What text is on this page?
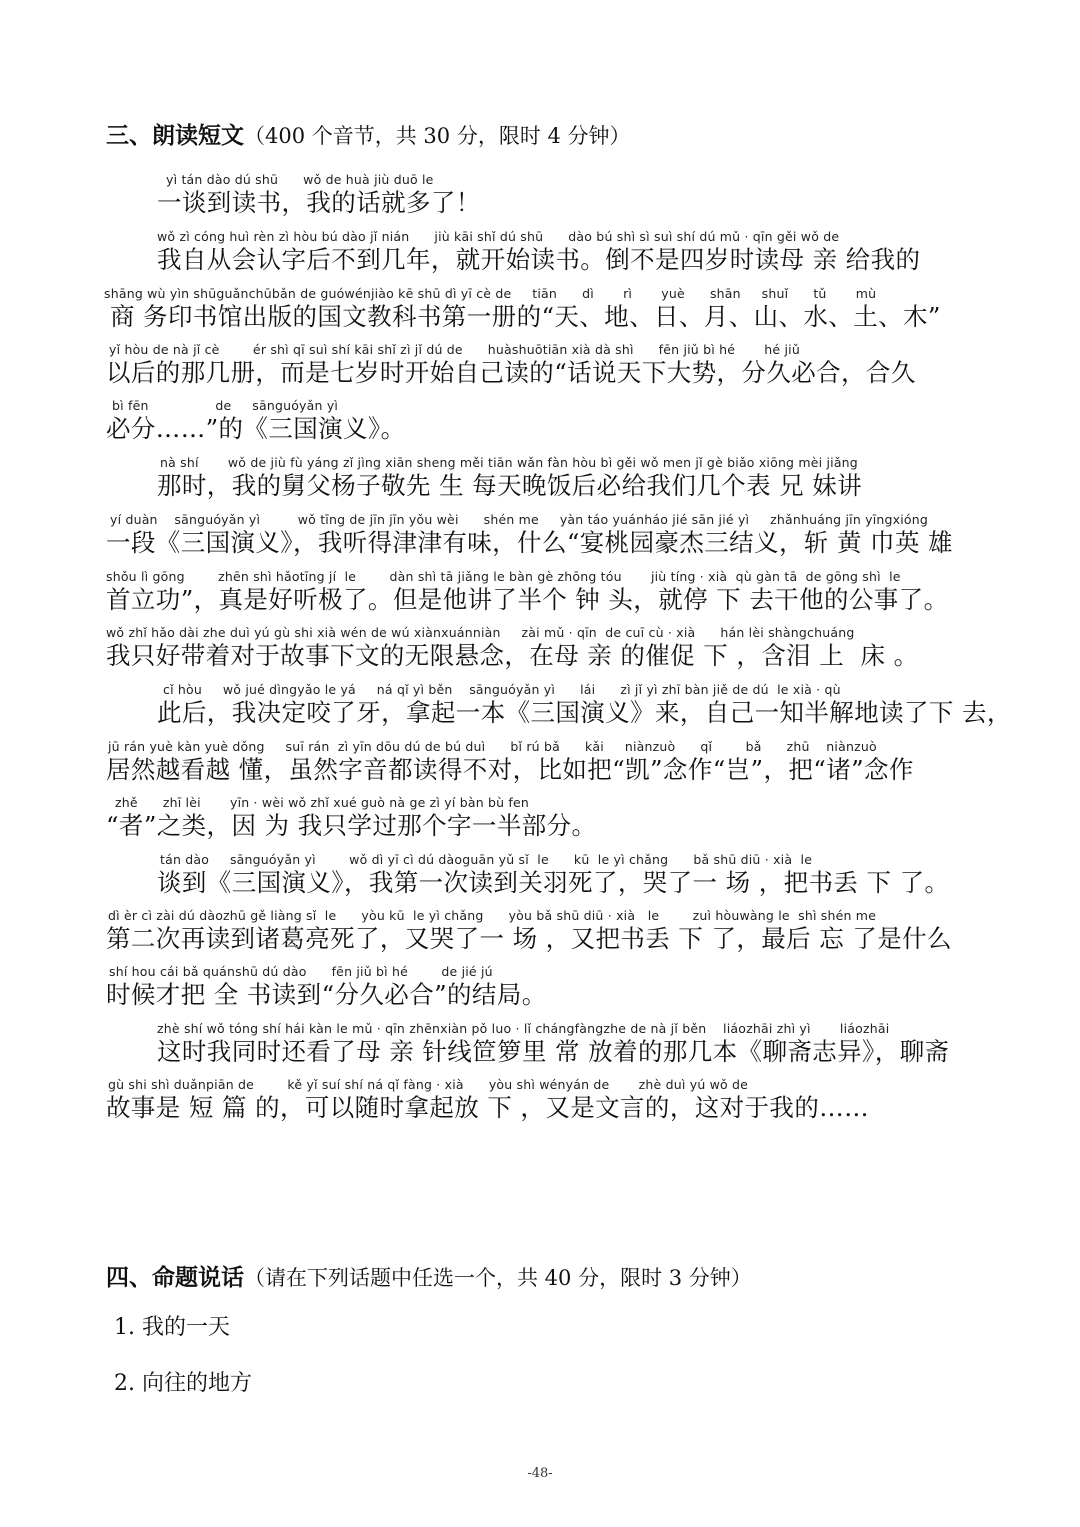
三、朗读短文（400 个音节，共 30 分，限时 4 分钟）
yì tán dào dú shū      wǒ de huà jiù duō le
一谈到读书，我的话就多了！
wǒ zì cóng huì rèn zì hòu bú dào jǐ nián      jiù kāi shǐ dú shū      dào bú shì sì suì shí dú mǔ · qīn gěi wǒ de
我自从会认字后不到几年，就开始读书。倒不是四岁时读母 亲 给我的
shāng wù yìn shūguǎnchūbǎn de guówénjiào kē shū dì yī cè de     tiān      dì       rì       yuè      shān     shuǐ      tǔ       mù
商 务印书馆出版的国文教科书第一册的“天、地、日、月、山、水、土、木”
yǐ hòu de nà jǐ cè        ér shì qī suì shí kāi shǐ zì jǐ dú de      huàshuōtiān xià dà shì      fēn jiǔ bì hé       hé jiǔ
以后的那几册，而是七岁时开始自己读的“话说天下大势，分久必合，合久
bì fēn                de     sānguóyǎn yì
必分……”的《三国演义》。
nà shí       wǒ de jiù fù yáng zǐ jìng xiān sheng měi tiān wǎn fàn hòu bì gěi wǒ men jǐ gè biǎo xiōng mèi jiǎng
那时，我的舅父杨子敬先 生 每天晚饭后必给我们几个表 兄 妹讲
yí duàn    sānguóyǎn yì         wǒ tīng de jīn jīn yǒu wèi      shén me     yàn táo yuánháo jié sān jié yì     zhǎnhuáng jīn yīngxióng
一段《三国演义》，我听得津津有味，什么“宴桃园豪杰三结义，斩 黄 巾英 雄
shǒu lì gōng        zhēn shì hǎotīng jí  le        dàn shì tā jiǎng le bàn gè zhōng tóu       jiù tíng · xià  qù gàn tā  de gōng shì  le
首立功”，真是好听极了。但是他讲了半个 钟 头，就停 下 去干他的公事了。
wǒ zhǐ hǎo dài zhe duì yú gù shi xià wén de wú xiànxuánniàn     zài mǔ · qīn  de cuī cù · xià      hán lèi shàngchuáng
我只好带着对于故事下文的无限悬念，在母 亲 的催促 下 ，含泪 上  床 。
cǐ hòu     wǒ jué dìngyǎo le yá     ná qǐ yì běn    sānguóyǎn yì      lái      zì jǐ yì zhī bàn jiě de dú  le xià · qù
此后，我决定咬了牙，拿起一本《三国演义》来，自己一知半解地读了下 去，
jū rán yuè kàn yuè dǒng     suī rán  zì yīn dōu dú de bú duì      bǐ rú bǎ      kǎi     niànzuò      qǐ        bǎ      zhū    niànzuò
居然越看越 懂，虽然字音都读得不对，比如把“凯”念作“岂”，把“诸”念作
zhě      zhī lèi       yīn · wèi wǒ zhǐ xué guò nà ge zì yí bàn bù fen
“者”之类，因 为 我只学过那个字一半部分。
tán dào     sānguóyǎn yì        wǒ dì yī cì dú dàoguān yǔ sǐ  le      kū  le yì chǎng      bǎ shū diū · xià  le
谈到《三国演义》，我第一次读到关羽死了，哭了一 场 ，把书丢 下 了。
dì èr cì zài dú dàozhū gě liàng sǐ  le      yòu kū  le yì chǎng      yòu bǎ shū diū · xià   le        zuì hòuwàng le  shì shén me
第二次再读到诸葛亮死了，又哭了一 场 ，又把书丢 下 了，最后 忘 了是什么
shí hou cái bǎ quánshū dú dào      fēn jiǔ bì hé        de jié jú
时候才把 全 书读到“分久必合”的结局。
zhè shí wǒ tóng shí hái kàn le mǔ · qīn zhēnxiàn pǒ luo · lǐ chángfàngzhe de nà jǐ běn    liáozhāi zhì yì       liáozhāi
这时我同时还看了母 亲 针线笸箩里 常 放着的那几本《聊斋志异》，聊斋
gù shi shì duǎnpiān de        kě yǐ suí shí ná qǐ fàng · xià      yòu shì wényán de       zhè duì yú wǒ de
故事是 短 篇 的，可以随时拿起放 下 ，又是文言的，这对于我的……
四、命题说话（请在下列话题中任选一个，共 40 分，限时 3 分钟）
1. 我的一天
2. 向往的地方
-48-
